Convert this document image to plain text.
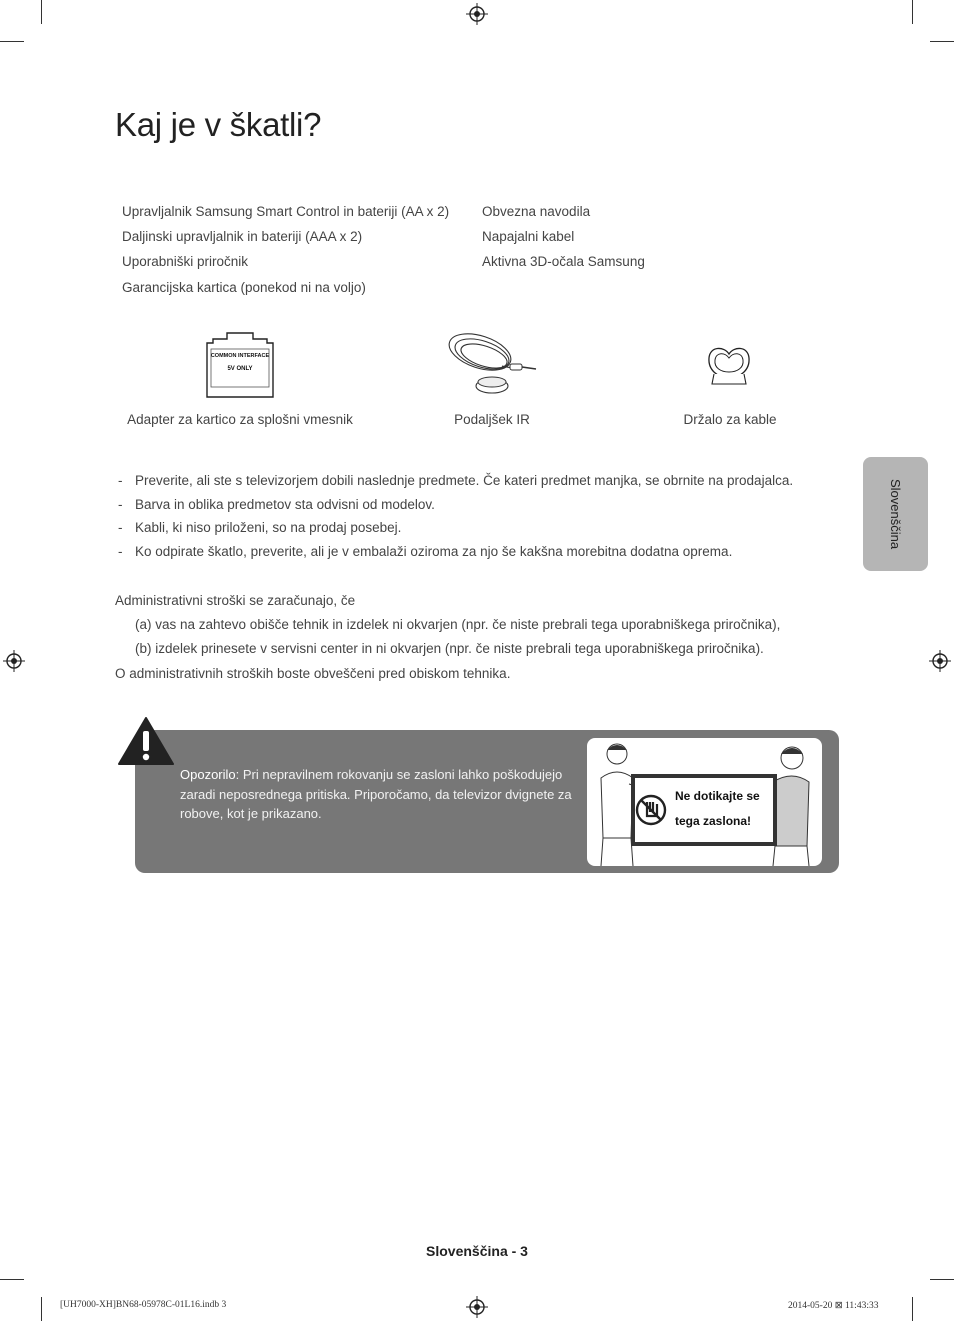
Kaj je v škatli?
Upravljalnik Samsung Smart Control in bateriji (AA x 2)
Daljinski upravljalnik in bateriji (AAA x 2)
Uporabniški priročnik
Garancijska kartica (ponekod ni na voljo)
Obvezna navodila
Napajalni kabel
Aktivna 3D-očala Samsung
COMMON INTERFACE
5V ONLY
Adapter za kartico za splošni vmesnik	Podaljšek IR	Držalo za kable
- Preverite, ali ste s televizorjem dobili naslednje predmete. Če kateri predmet manjka, se obrnite na prodajalca.
- Barva in oblika predmetov sta odvisni od modelov.
- Kabli, ki niso priloženi, so na prodaj posebej.
- Ko odpirate škatlo, preverite, ali je v embalaži oziroma za njo še kakšna morebitna dodatna oprema.
Administrativni stroški se zaračunajo, če
(a) vas na zahtevo obišče tehnik in izdelek ni okvarjen (npr. če niste prebrali tega uporabniškega priročnika),
(b) izdelek prinesete v servisni center in ni okvarjen (npr. če niste prebrali tega uporabniškega priročnika).
O administrativnih stroških boste obveščeni pred obiskom tehnika.
Slovenščina
Opozorilo: Pri nepravilnem rokovanju se zasloni lahko poškodujejo zaradi neposrednega pritiska. Priporočamo, da televizor dvignete za robove, kot je prikazano.
Ne dotikajte se
tega zaslona!
Slovenščina - 3
[UH7000-XH]BN68-05978C-01L16.indb 3	2014-05-20 ⊠ 11:43:33
